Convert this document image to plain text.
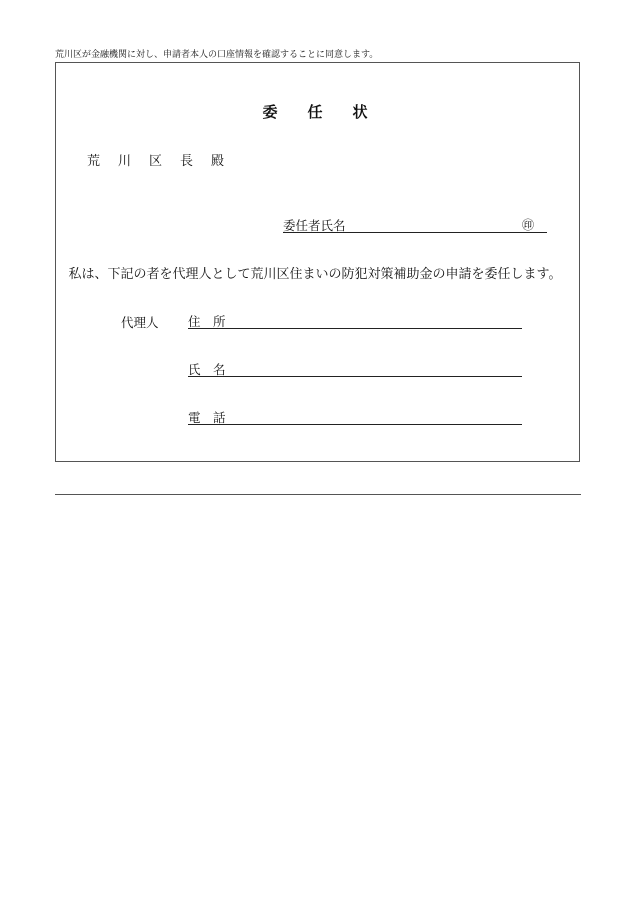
荒川区が金融機関に対し、申請者本人の口座情報を確認することに同意します。
委 任 状
荒 川 区 長 殿
委任者氏名	㊞
私は、下記の者を代理人として荒川区住まいの防犯対策補助金の申請を委任します。
代理人 住　所
氏　名
電　話
